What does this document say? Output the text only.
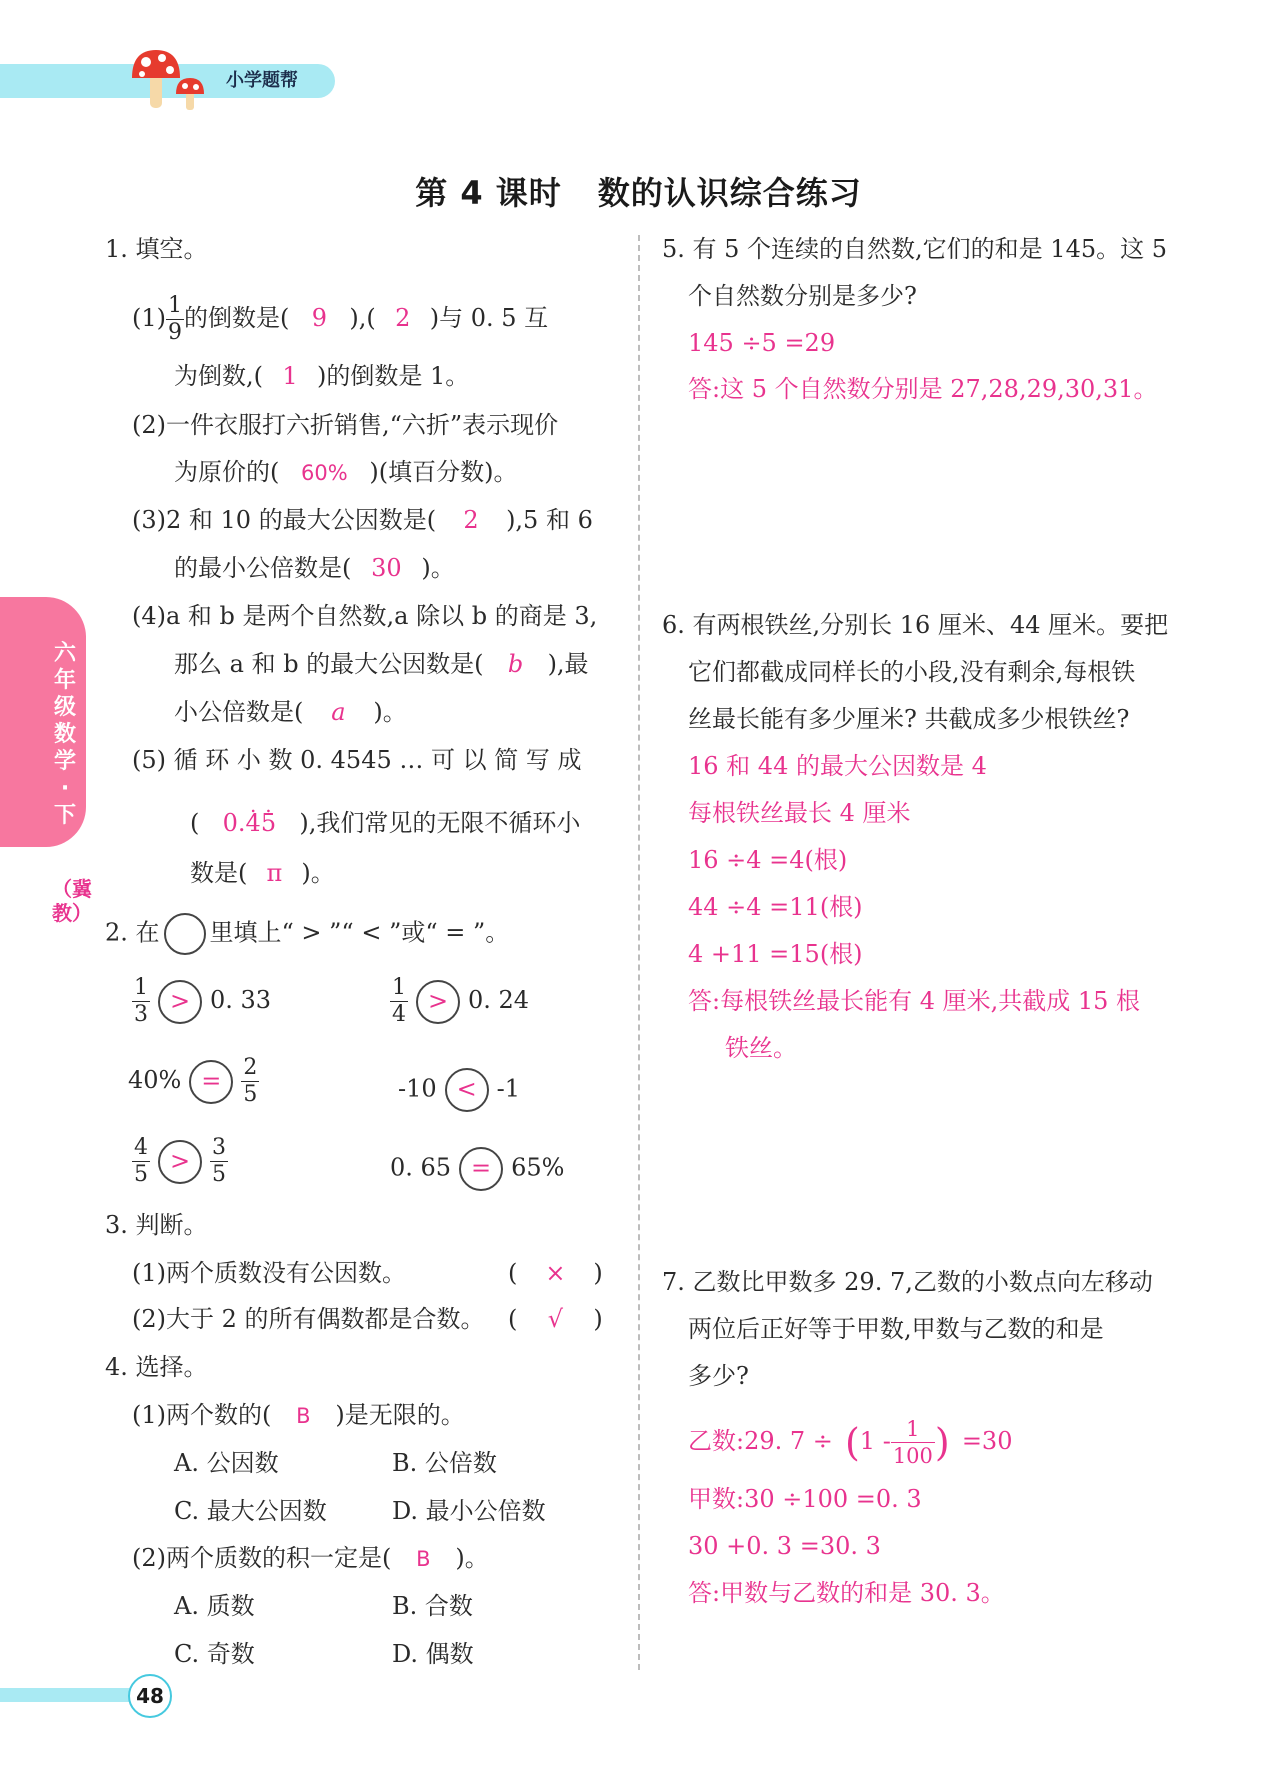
小学题帮
第 4 课时 数的认识综合练习
六年级数学·下
（冀教）
48
1. 填空。
$(1) \frac{1}{9}$ 的倒数是( 9 ),( 2 )与 0. 5 互
为倒数,( 1 )的倒数是 1。
(2)一件衣服打六折销售,“六折”表示现价
为原价的( 60% )(填百分数)。
(3)2 和 10 的最大公因数是( 2 ),5 和 6
的最小公倍数是( 30 )。
(4)a 和 b 是两个自然数,a 除以 b 的商是 3,
那么 a 和 b 的最大公因数是( b ),最
小公倍数是( a )。
(5) 循 环 小 数 0. 4545 … 可 以 简 写 成
( 0.. 4. 5 ),我们常见的无限不循环小
数是( π )。
2. 在 里填上“ > ”“ < ”或“ = ”。
$\frac{1}{3} > 0$. 33	$\frac{1}{4} > 0$. 24
$40\% = \frac{2}{5}$	-10 < -1
$\frac{4}{5} > \frac{3}{5}$	0. 65 = 65%
3. 判断。
(1)两个质数没有公因数。	( × )
(2)大于 2 的所有偶数都是合数。 ( √ )
4. 选择。
(1)两个数的( B )是无限的。
A. 公因数	B. 公倍数
C. 最大公因数	D. 最小公倍数
(2)两个质数的积一定是( B )。
A. 质数	B. 合数
C. 奇数	D. 偶数
5. 有 5 个连续的自然数,它们的和是 145。这 5
个自然数分别是多少?
145 ÷5 =29
答:这 5 个自然数分别是 27,28,29,30,31。
6. 有两根铁丝,分别长 16 厘米、44 厘米。要把
它们都截成同样长的小段,没有剩余,每根铁
丝最长能有多少厘米? 共截成多少根铁丝?
16 和 44 的最大公因数是 4
每根铁丝最长 4 厘米
16 ÷4 =4(根)
44 ÷4 =11(根)
4 +11 =15(根)
答:每根铁丝最长能有 4 厘米,共截成 15 根
铁丝。
7. 乙数比甲数多 29. 7,乙数的小数点向左移动
两位后正好等于甲数,甲数与乙数的和是
多少?
乙数:29. $7 \div (1 - \frac{1}{100}$ ) =30
甲数:30 ÷100 =0. 3
30 +0. 3 =30. 3
答:甲数与乙数的和是 30. 3。
